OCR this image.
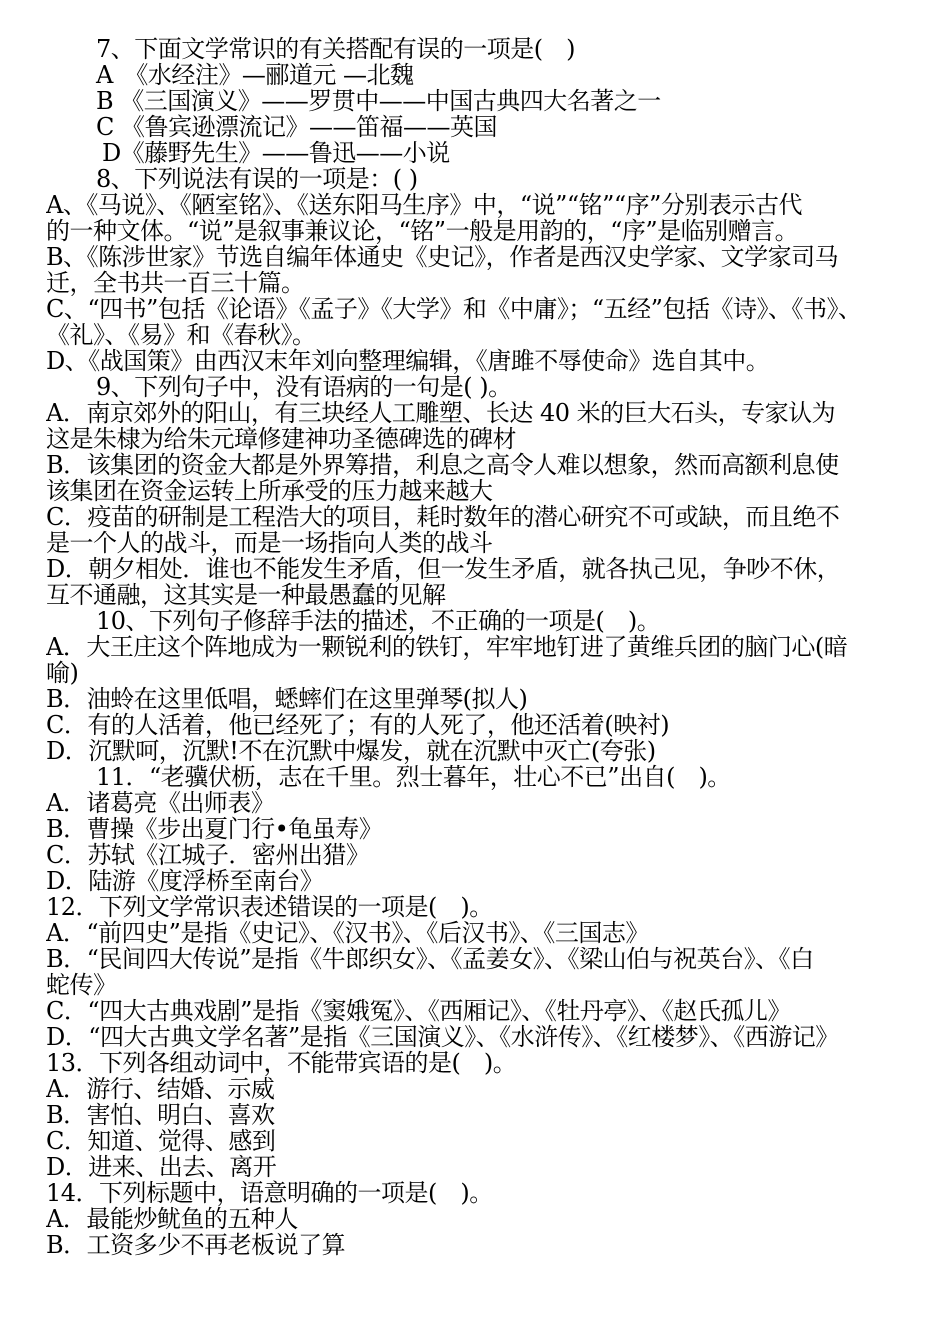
7、下面文学常识的有关搭配有误的一项是(　)
A　《水经注》—郦道元 —北魏
B 《三国演义》——罗贯中——中国古典四大名著之一
C 《鲁宾逊漂流记》——笛福——英国
D《藤野先生》——鲁迅——小说
8、下列说法有误的一项是：( )
A、《马说》、《陋室铭》、《送东阳马生序》中，“说”“铭”“序”分别表示古代
的一种文体。“说”是叙事兼议论，“铭”一般是用韵的，“序”是临别赠言。
B、《陈涉世家》节选自编年体通史《史记》，作者是西汉史学家、文学家司马
迁，全书共一百三十篇。
C、“四书”包括《论语》《孟子》《大学》和《中庸》；“五经”包括《诗》、《书》、
《礼》、《易》和《春秋》。
D、《战国策》由西汉末年刘向整理编辑，《唐雎不辱使命》选自其中。
9、下列句子中，没有语病的一句是( )。
A．南京郊外的阳山，有三块经人工雕塑、长达 40 米的巨大石头，专家认为
这是朱棣为给朱元璋修建神功圣德碑选的碑材
B．该集团的资金大都是外界筹措，利息之高令人难以想象，然而高额利息使
该集团在资金运转上所承受的压力越来越大
C．疫苗的研制是工程浩大的项目，耗时数年的潜心研究不可或缺，而且绝不
是一个人的战斗，而是一场指向人类的战斗
D．朝夕相处．谁也不能发生矛盾，但一发生矛盾，就各执己见，争吵不休，
互不通融，这其实是一种最愚蠢的见解
10、下列句子修辞手法的描述，不正确的一项是(　)。
A．大王庄这个阵地成为一颗锐利的铁钉，牢牢地钉进了黄维兵团的脑门心(暗
喻)
B．油蛉在这里低唱，蟋蟀们在这里弹琴(拟人)
C．有的人活着，他已经死了；有的人死了，他还活着(映衬)
D．沉默呵，沉默!不在沉默中爆发，就在沉默中灭亡(夸张)
11．“老骥伏枥，志在千里。烈士暮年，壮心不已”出自(　)。
A．诸葛亮《出师表》
B．曹操《步出夏门行•龟虽寿》
C．苏轼《江城子．密州出猎》
D．陆游《度浮桥至南台》
12．下列文学常识表述错误的一项是(　)。
A．“前四史”是指《史记》、《汉书》、《后汉书》、《三国志》
B．“民间四大传说”是指《牛郎织女》、《孟姜女》、《梁山伯与祝英台》、《白
蛇传》
C．“四大古典戏剧”是指《窦娥冤》、《西厢记》、《牡丹亭》、《赵氏孤儿》
D．“四大古典文学名著”是指《三国演义》、《水浒传》、《红楼梦》、《西游记》
13．下列各组动词中，不能带宾语的是(　)。
A．游行、结婚、示威
B．害怕、明白、喜欢
C．知道、觉得、感到
D．进来、出去、离开
14．下列标题中，语意明确的一项是(　)。
A．最能炒鱿鱼的五种人
B．工资多少不再老板说了算
